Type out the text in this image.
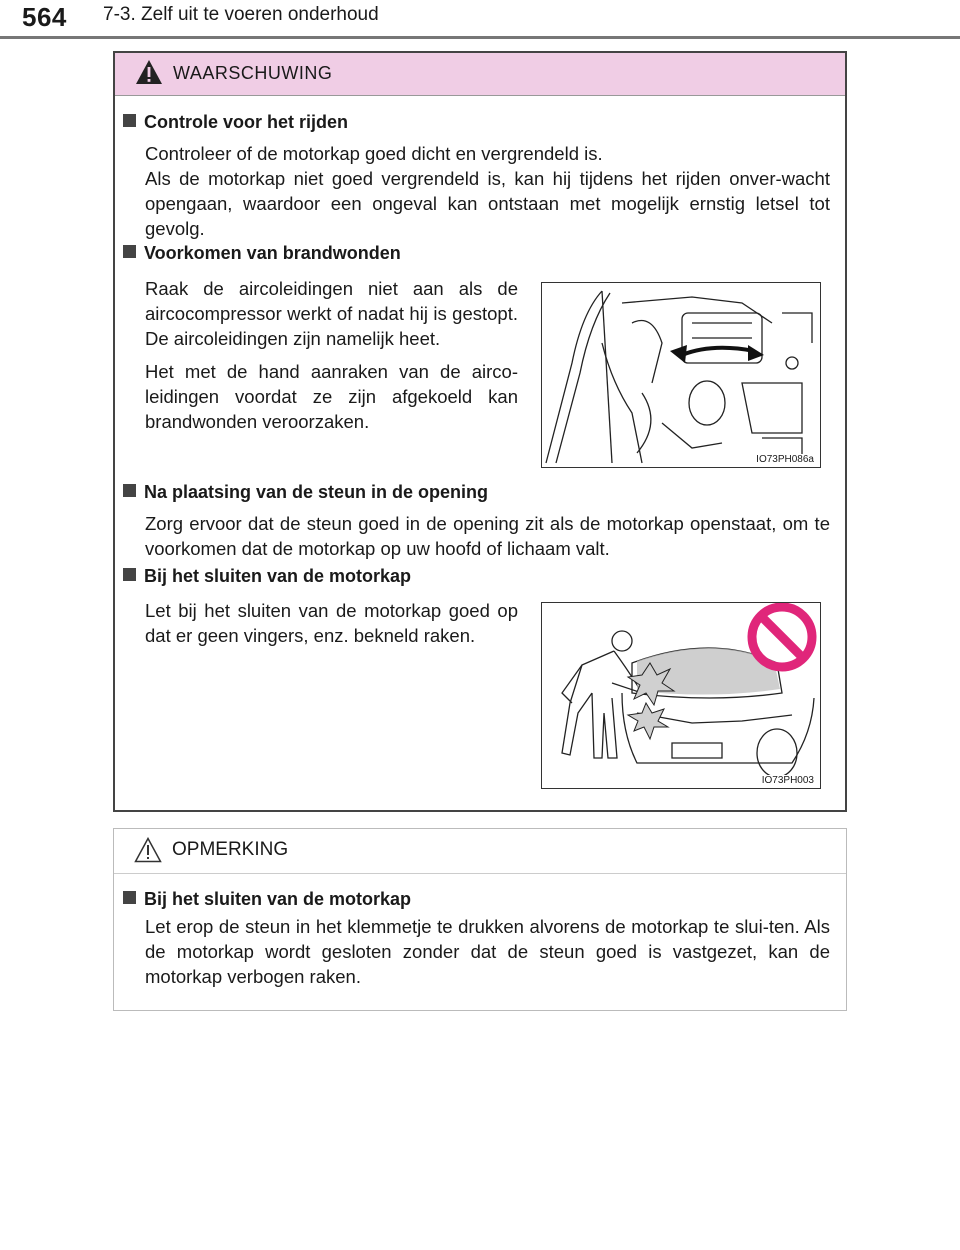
564 7-3. Zelf uit te voeren onderhoud
WAARSCHUWING
Controle voor het rijden

Controleer of de motorkap goed dicht en vergrendeld is.

Als de motorkap niet goed vergrendeld is, kan hij tijdens het rijden onver-wacht opengaan, waardoor een ongeval kan ontstaan met mogelijk ernstig letsel tot gevolg.

Voorkomen van brandwonden

Raak de aircoleidingen niet aan als de aircocompressor werkt of nadat hij is gestopt. De aircoleidingen zijn namelijk heet.

Het met de hand aanraken van de airco-leidingen voordat ze zijn afgekoeld kan brandwonden veroorzaken.

IO73PH086a
Na plaatsing van de steun in de opening

Zorg ervoor dat de steun goed in de opening zit als de motorkap openstaat, om te voorkomen dat de motorkap op uw hoofd of lichaam valt.

Bij het sluiten van de motorkap

Let bij het sluiten van de motorkap goed op dat er geen vingers, enz. bekneld raken.

IO73PH003
OPMERKING
Bij het sluiten van de motorkap

Let erop de steun in het klemmetje te drukken alvorens de motorkap te slui-ten. Als de motorkap wordt gesloten zonder dat de steun goed is vastgezet, kan de motorkap verbogen raken.
